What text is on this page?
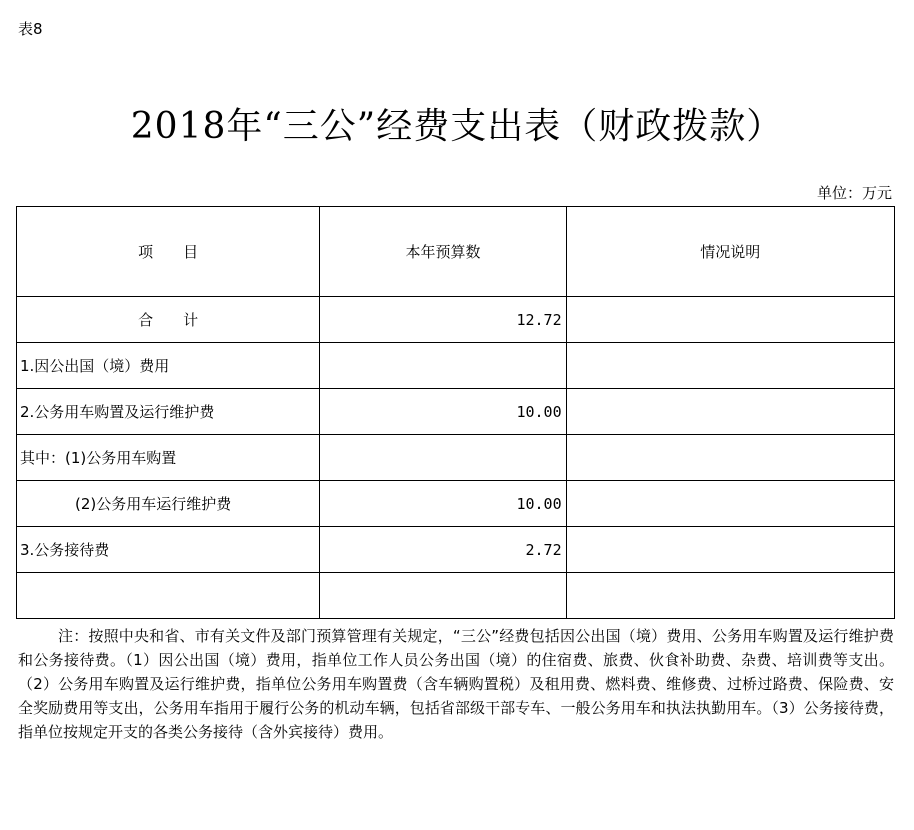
表8
2018年“三公”经费支出表（财政拨款）
单位：万元
项　　目	本年预算数	情况说明
合　　计	12.72	
1.因公出国（境）费用		
2.公务用车购置及运行维护费	10.00	
其中：(1)公务用车购置		
(2)公务用车运行维护费	10.00	
3.公务接待费	2.72	

注：按照中央和省、市有关文件及部门预算管理有关规定，“三公”经费包括因公出国（境）费用、公务用车购置及运行维护费和公务接待费。（1）因公出国（境）费用，指单位工作人员公务出国（境）的住宿费、旅费、伙食补助费、杂费、培训费等支出。（2）公务用车购置及运行维护费，指单位公务用车购置费（含车辆购置税）及租用费、燃料费、维修费、过桥过路费、保险费、安全奖励费用等支出，公务用车指用于履行公务的机动车辆，包括省部级干部专车、一般公务用车和执法执勤用车。（3）公务接待费，指单位按规定开支的各类公务接待（含外宾接待）费用。
